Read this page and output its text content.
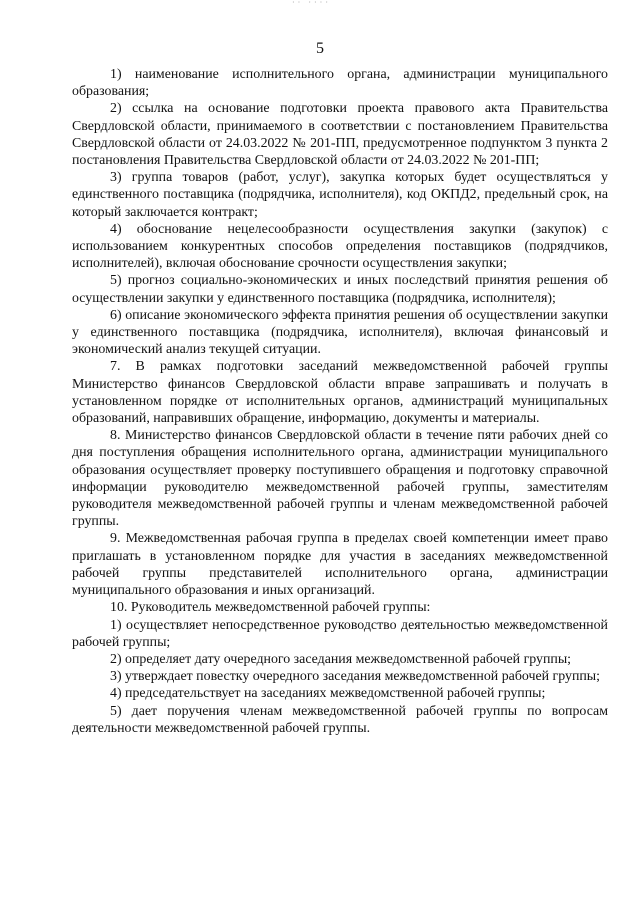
·· ····
5

1) наименование исполнительного органа, администрации муниципального образования;

2) ссылка на основание подготовки проекта правового акта Правительства Свердловской области, принимаемого в соответствии с постановлением Правительства Свердловской области от 24.03.2022 № 201-ПП, предусмотренное подпунктом 3 пункта 2 постановления Правительства Свердловской области от 24.03.2022 № 201-ПП;

3) группа товаров (работ, услуг), закупка которых будет осуществляться у единственного поставщика (подрядчика, исполнителя), код ОКПД2, предельный срок, на который заключается контракт;

4) обоснование нецелесообразности осуществления закупки (закупок) с использованием конкурентных способов определения поставщиков (подрядчиков, исполнителей), включая обоснование срочности осуществления закупки;

5) прогноз социально-экономических и иных последствий принятия решения об осуществлении закупки у единственного поставщика (подрядчика, исполнителя);

6) описание экономического эффекта принятия решения об осуществлении закупки у единственного поставщика (подрядчика, исполнителя), включая финансовый и экономический анализ текущей ситуации.

7. В рамках подготовки заседаний межведомственной рабочей группы Министерство финансов Свердловской области вправе запрашивать и получать в установленном порядке от исполнительных органов, администраций муниципальных образований, направивших обращение, информацию, документы и материалы.

8. Министерство финансов Свердловской области в течение пяти рабочих дней со дня поступления обращения исполнительного органа, администрации муниципального образования осуществляет проверку поступившего обращения и подготовку справочной информации руководителю межведомственной рабочей группы, заместителям руководителя межведомственной рабочей группы и членам межведомственной рабочей группы.

9. Межведомственная рабочая группа в пределах своей компетенции имеет право приглашать в установленном порядке для участия в заседаниях межведомственной рабочей группы представителей исполнительного органа, администрации муниципального образования и иных организаций.

10. Руководитель межведомственной рабочей группы:

1) осуществляет непосредственное руководство деятельностью межведомственной рабочей группы;

2) определяет дату очередного заседания межведомственной рабочей группы;

3) утверждает повестку очередного заседания межведомственной рабочей группы;

4) председательствует на заседаниях межведомственной рабочей группы;

5) дает поручения членам межведомственной рабочей группы по вопросам деятельности межведомственной рабочей группы.
